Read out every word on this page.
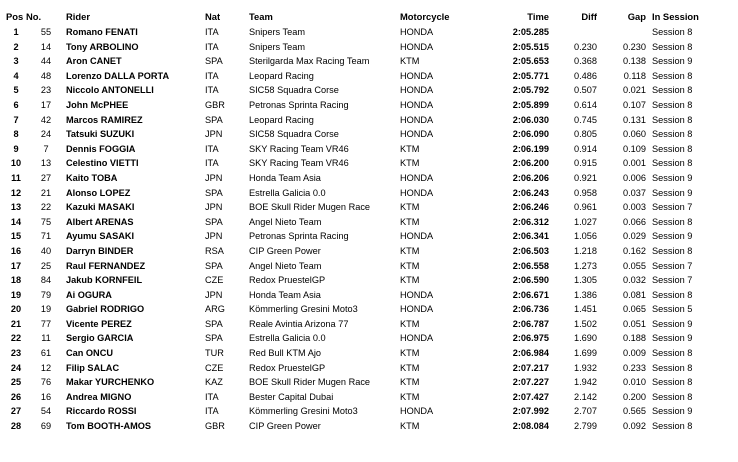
Pos	No.	Rider	Nat	Team	Motorcycle	Time	Diff	Gap	In Session
1	55	Romano FENATI	ITA	Snipers Team	HONDA	2:05.285			Session 8
2	14	Tony ARBOLINO	ITA	Snipers Team	HONDA	2:05.515	0.230	0.230	Session 8
3	44	Aron CANET	SPA	Sterilgarda Max Racing Team	KTM	2:05.653	0.368	0.138	Session 9
4	48	Lorenzo DALLA PORTA	ITA	Leopard Racing	HONDA	2:05.771	0.486	0.118	Session 8
5	23	Niccolo ANTONELLI	ITA	SIC58 Squadra Corse	HONDA	2:05.792	0.507	0.021	Session 8
6	17	John McPHEE	GBR	Petronas Sprinta Racing	HONDA	2:05.899	0.614	0.107	Session 8
7	42	Marcos RAMIREZ	SPA	Leopard Racing	HONDA	2:06.030	0.745	0.131	Session 8
8	24	Tatsuki SUZUKI	JPN	SIC58 Squadra Corse	HONDA	2:06.090	0.805	0.060	Session 8
9	7	Dennis FOGGIA	ITA	SKY Racing Team VR46	KTM	2:06.199	0.914	0.109	Session 8
10	13	Celestino VIETTI	ITA	SKY Racing Team VR46	KTM	2:06.200	0.915	0.001	Session 8
11	27	Kaito TOBA	JPN	Honda Team Asia	HONDA	2:06.206	0.921	0.006	Session 9
12	21	Alonso LOPEZ	SPA	Estrella Galicia 0.0	HONDA	2:06.243	0.958	0.037	Session 9
13	22	Kazuki MASAKI	JPN	BOE Skull Rider Mugen Race	KTM	2:06.246	0.961	0.003	Session 7
14	75	Albert ARENAS	SPA	Angel Nieto Team	KTM	2:06.312	1.027	0.066	Session 8
15	71	Ayumu SASAKI	JPN	Petronas Sprinta Racing	HONDA	2:06.341	1.056	0.029	Session 9
16	40	Darryn BINDER	RSA	CIP Green Power	KTM	2:06.503	1.218	0.162	Session 8
17	25	Raul FERNANDEZ	SPA	Angel Nieto Team	KTM	2:06.558	1.273	0.055	Session 7
18	84	Jakub KORNFEIL	CZE	Redox PruestelGP	KTM	2:06.590	1.305	0.032	Session 7
19	79	Ai OGURA	JPN	Honda Team Asia	HONDA	2:06.671	1.386	0.081	Session 8
20	19	Gabriel RODRIGO	ARG	Kömmerling Gresini Moto3	HONDA	2:06.736	1.451	0.065	Session 5
21	77	Vicente PEREZ	SPA	Reale Avintia Arizona 77	KTM	2:06.787	1.502	0.051	Session 9
22	11	Sergio GARCIA	SPA	Estrella Galicia 0.0	HONDA	2:06.975	1.690	0.188	Session 9
23	61	Can ONCU	TUR	Red Bull KTM Ajo	KTM	2:06.984	1.699	0.009	Session 8
24	12	Filip SALAC	CZE	Redox PruestelGP	KTM	2:07.217	1.932	0.233	Session 8
25	76	Makar YURCHENKO	KAZ	BOE Skull Rider Mugen Race	KTM	2:07.227	1.942	0.010	Session 8
26	16	Andrea MIGNO	ITA	Bester Capital Dubai	KTM	2:07.427	2.142	0.200	Session 8
27	54	Riccardo ROSSI	ITA	Kömmerling Gresini Moto3	HONDA	2:07.992	2.707	0.565	Session 9
28	69	Tom BOOTH-AMOS	GBR	CIP Green Power	KTM	2:08.084	2.799	0.092	Session 8
